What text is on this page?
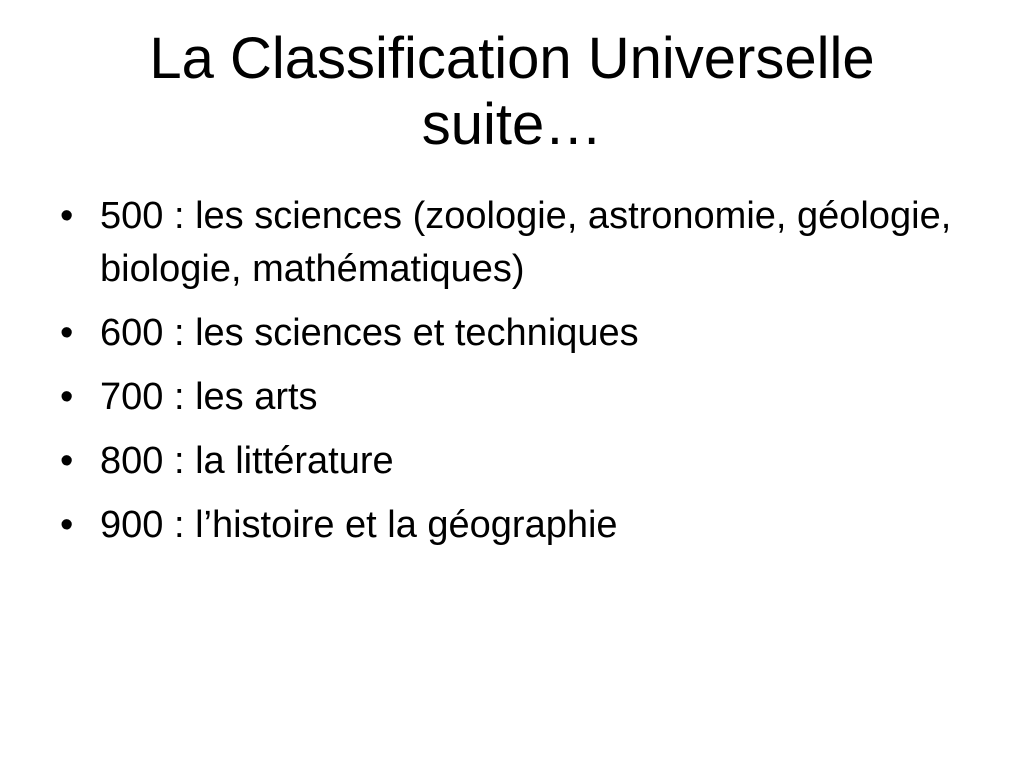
La Classification Universelle
suite…
• 500 : les sciences (zoologie, astronomie, géologie, biologie, mathématiques)
• 600 : les sciences et techniques
• 700 : les arts
• 800 : la littérature
• 900 : l’histoire et la géographie
